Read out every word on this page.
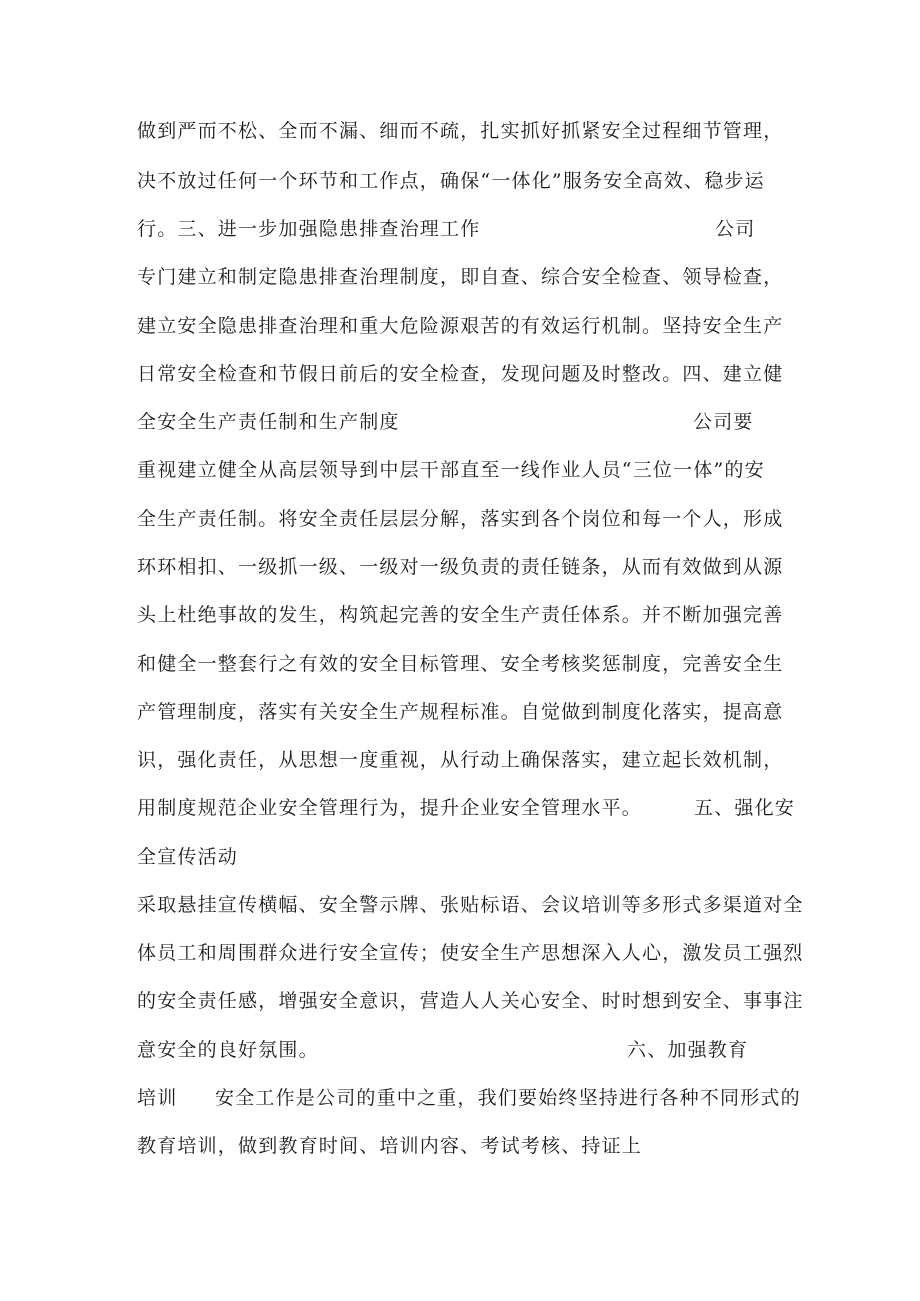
做到严而不松、全而不漏、细而不疏，扎实抓好抓紧安全过程细节管理，
决不放过任何一个环节和工作点，确保“一体化”服务安全高效、稳步运
行。三、进一步加强隐患排查治理工作	公司
专门建立和制定隐患排查治理制度，即自查、综合安全检查、领导检查，
建立安全隐患排查治理和重大危险源艰苦的有效运行机制。坚持安全生产
日常安全检查和节假日前后的安全检查，发现问题及时整改。四、建立健
全安全生产责任制和生产制度	公司要
重视建立健全从高层领导到中层干部直至一线作业人员“三位一体”的安
全生产责任制。将安全责任层层分解，落实到各个岗位和每一个人，形成
环环相扣、一级抓一级、一级对一级负责的责任链条，从而有效做到从源
头上杜绝事故的发生，构筑起完善的安全生产责任体系。并不断加强完善
和健全一整套行之有效的安全目标管理、安全考核奖惩制度，完善安全生
产管理制度，落实有关安全生产规程标准。自觉做到制度化落实，提高意
识，强化责任，从思想一度重视，从行动上确保落实，建立起长效机制，
用制度规范企业安全管理行为，提升企业安全管理水平。	五、强化安
全宣传活动
采取悬挂宣传横幅、安全警示牌、张贴标语、会议培训等多形式多渠道对全
体员工和周围群众进行安全宣传；使安全生产思想深入人心，激发员工强烈
的安全责任感，增强安全意识，营造人人关心安全、时时想到安全、事事注
意安全的良好氛围。	六、加强教育
培训 安全工作是公司的重中之重，我们要始终坚持进行各种不同形式的
教育培训，做到教育时间、培训内容、考试考核、持证上
